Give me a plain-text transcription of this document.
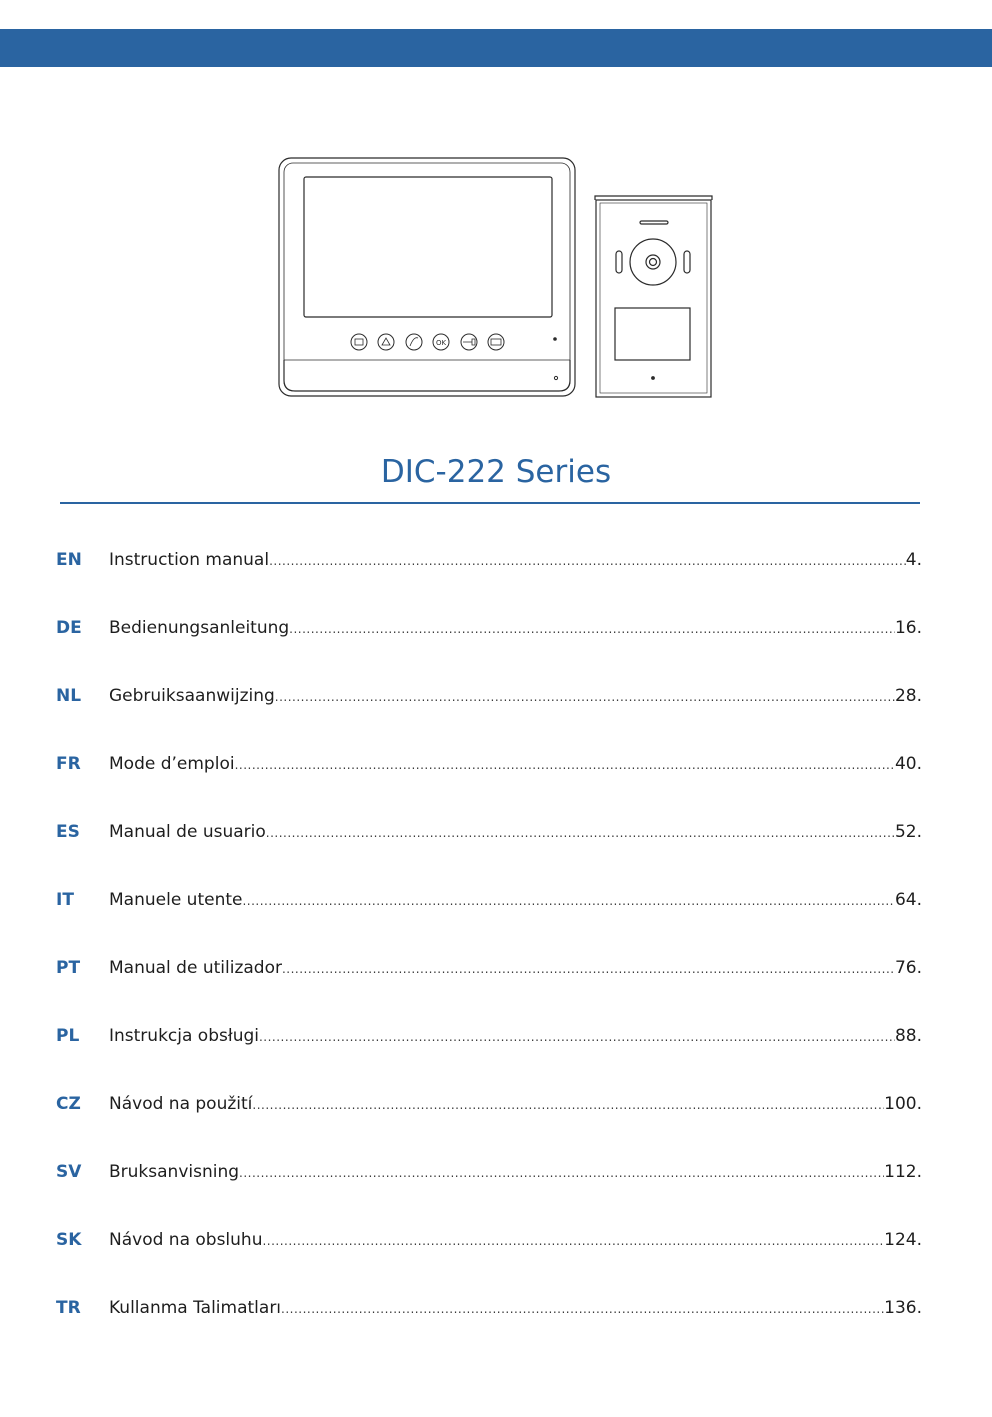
OK
DIC-222 Series
EN	Instruction manual .....	4 .
DE	Bedienungsanleitung .....	16 .
NL	Gebruiksaanwijzing .....	28 .
FR	Mode d’emploi .....	40 .
ES	Manual de usuario .....	52 .
IT	Manuele utente .....	64 .
PT	Manual de utilizador .....	76 .
PL	Instrukcja obsługi .....	88 .
CZ	Návod na použití .....	100 .
SV	Bruksanvisning .....	112 .
SK	Návod na obsluhu .....	124 .
TR	Kullanma Talimatları .....	136 .
